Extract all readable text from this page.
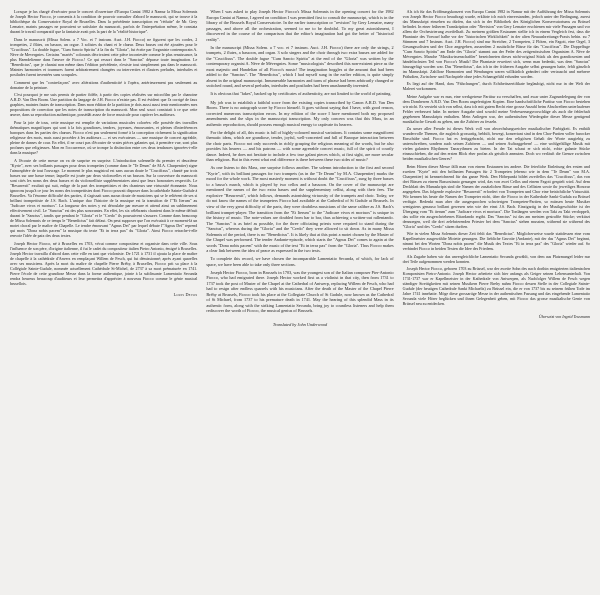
Lorsque je lus chargé d'exécuter pour le concert d'ouverture d'Europa Cantat 1982 à Namur la Missa Solemnis de Joseph Hector Fiocco, je consentis à la condition de pouvoir consulter d'abord le manuscrit, qui se trouve à la bibliothèque du Conservatoire Royal de Bruxelles. Dans la précédente transcription en "réduite" de Mr. Gery Lemaire, maints passages ne pouvaient se satisfaire du manuscrit, parfois de l'interprétation même, le constata durant le travail comparatif que la fantaisie avait pris la part de la "réalité historique".

Dans le manuscrit (Missa Solem. a 7 Voc. et 7 instrum. Auct. J.H. Fiocco) ne figurent que les cordes, 2 trompettes, 2 flûtes, on basson, un orgue. 3 solistes du chant et le chœur. Deux basses ont été ajoutées pour le "Crucifixus". La double fugue, "Cum Sancto Spiritu" à la fin du "Gloria", fut écrite par l'organiste contemporain A. Nève de Mevergnies. Certains "mariés" colorants décrivaient cette pièce incontestée comme le plus renaissance, la plus Haendelienne dans l'œuvre de Fiocco.! Ce qui ressort dans le "Sanctus" dépasse toute imagination. Le "Benedictus", que je chantai non même dans l'édition précédente, n'existe tout simplement pas dans le manuscrit. Maintes harmonies et tournures furent arbitrairement changées ou interverties et d'autres preludes, interludes et postludes furent inventées sans scrupules.

Comment que les "contrefaçons" avec altérations d'authenticité à l'opéra, antérieurement pas seulement au domaine de la peinture.

C'est pourquoi je me suis permis de partier fidèle, à partir des copies réalisées sur microfilm par le chanoine A.R.D. Van Den Boom. Une partition du langage de J.H. Fiocco n'existe pas. Il est évident que l'a corrigé de faux graphies, maintes fautes de transcription. Dans mon édition de la partition je dois aussi aussi tenir mentionnées mes propositions de correction que les notes de transcription du manuscrit. Mon seul souci consistait à ce que cette œuvre, dans sa reproduction authentique, possédât assez de force musicale pour captiver les auditeurs.

Pour la joie de tous, cette musique est remplie de variations musicales colorées: elle possède des travailles thématiques magnifiques qui sont à la fois grandioses, tendres, joyeuses, émouvantes, et pleines d'interférences baroques dans les parties des chœurs. Fiocco n'est pas seulement formé à la conception richement la signification religieuse des mots, mais aussi procéder à les auditeurs — et ses exécuteurs — une musique de concert agréable, pleine de danses de cour. En effet, il ne court pas d'écouter de vraies pièces galantes qui, à première vue, sont plus profanes que religieuses. Mon en l'occurrence, où se trompe la distinction entre ces deux tendances ignorées-t-elle dans la musique?

A l'écoute de cette messe on va de surprise en surprise. L'introduction solennelle du premier et deuxième "Kyrie", avec ses brillants passages pour deux trompettes (comme dans le "Te Deum" de M.A. Charpentier) signe l'atmosphère de tout l'ouvrage. Le moment le plus magistral est sans aucun doute le "Crucifixus", chanté par trois basses sur une basse tenue; laquelle est jouée par deux violoncelles et un basson. Sur la couverture du manuscrit sont cités les noms des deux basses et du violoncelliste supplémentaires ainsi que leurs honoraires respectifs. Le "Resurrexit" exultait qui suit, enlige de la part des trompettistes et des chanteurs une virtuosité étonnante. Nous ignorons jusqu'à ce jour les noms des trompettistes dont Fiocco pouvait disposer dans la cathédrale Sainte-Gudule à Bruxelles. Va l'énorme difficulté des parties, il s'agissait sans aucun doute de musiciens qui se le relièrent de ses si brillant trompettiste de J.S. Bach. L'unique duo l'histoire de la musique est la transition de l'"Et Iterum" au "Judicare vivos et mortuos". La longueur des notes y est déroulabe par mesure et attend ainsi un sublimement effectivement civil. Le "Sanctus" est des plus sonorantes. En effet, les six célébrants chantent dans le même défruit durant le "Sanctus", tandis que pendant le "Gloria" et le "Credo" ils poursuivent s'assurer. Comme dans beaucoup de Missa Solemnis de ce temps le "Benedictus" fait défaut. On peut supposer que l'on exécutait à ce moment-là un motet choral par le maître de Chapelle. Le tendre émouvant "Agnus Dei" par lequel débute l'"Agnus Dei" reprend qui mots "Dona nobis pacem" la musique du texte "Et in terra pax" du "Gloria". Ainsi Fiocco retrache-t-elle renvoie l'idée de paix des deux textes.

Joseph Hector Fiocco, né à Bruxelles en 1703, vécut comme compositeur et organiste dans cette ville. Sous l'influence de son père, d'origine italienne, il fut le cadet du compositeur italien Pietro Antonio, émigré à Bruxelles. Joseph Hector travailla d'abord dans cette ville en tant que violoniste. De 1721 à 1731 il ajouta la place de maître de chapelle à la cathédrale d'Anvers en remplaçant Willem de Fesch, qui fut démissionné; après ayant quarelles avec ses musiciens. Après la mort du maître de chapelle Pierre Bréby, à Bruxelles, Fiocco prit sa place à la Collégiale Sainte-Gudule, nommée actuellement Cathédrale St-Michel, de 2737 à sa mort prématurée en 1741. Pierre l'école de cette grandiose Messe dans la forme authentique, jointe à la sublissante Lamentatio Secunda rendra heureux beaucoup d'auditeurs et leur permettra d'apprécier à nouveau Fiocco comme le génie musical brusellois.

Louis Devos

When I was asked to play Joseph Hector Fiocco's Missa Solemnis in the opening concert for the 1982 Europa Cantat at Namur, I agreed on condition I was permitted first to consult the manuscript, which is in the library of the Brussels Royal Conservatoire. In the earlier transcription or "revision" by Gery Lemaire, many passages, and above all the orchestration, seemed to me to be doubtful. To my great astonishment, I discovered in the course of the comparison that the editor's imagination had got the better of "historical reality".

In the manuscript (Missa Solem. a 7 voc. et 7 instrum. Auct. J.H. Fiocco) there are only the strings, 2 trumpets, 2 flutes, a bassoon, and organ. 3 solo singers and the choir through two extra basses are added for the "Crucifixus". The double fugue "Cum Sancto Spiritu" at the end of the "Gloria" was written by the contemporary organist A. Nève de Mévergnies. Some "musicologists" described this non-existent piece as the most majestic and Handelian of all Fiocco's music! The imagination boggles at the amount that had been added to the "Sanctus". The "Benedictus", which I had myself sung in the earlier edition, is quite simply absent in the original manuscript. Innumerable harmonies and turns of phrase had been arbitrarily changed or switched round, and several preludes, interludes and postludes had been unashamedly invented.

It is obvious that "fakes", backed up by certificates of authenticity, are not limited to the world of painting.

My job was to establish a faithful score from the existing copies transcribed by Canon A.R.D. Van Den Boom. There is no autograph score by Fiocco himself. It goes without saying that I have, with good reason, corrected numerous transcription errors. In my edition of the score I have mentioned both my proposed amendments and the slips in the manuscript transcription. My only concern was that this Mass, in an authentic reproduction, should possess enough musical energy to captivate its hearers.

For the delight of all, this music is full of highly-coloured musical variations. It contains some magnificent thematic ideas, which are grandiose, tender, joyful, well-concerted and full of Baroque interaction between the choir parts. Fiocco not only succeeds in richly grasping the religious meaning of the words, but he also provides his hearers — and his patrons — with some agreeable concert music, full of the spirit of courtly dance. Indeed, he does not hesitate to include a few true galant pieces which, at first sight, are more secular than religious. But in this event what real difference is there between these two sides of music?

As one listens to this Mass, one surprise follows another. The solemn introduction to the first and second "Kyrie", with its brilliant passages for two trumpets (as in the "Te Deum" by M.A. Charpentier) marks the mood for the whole work. The most masterly moment is without doubt the "Crucifixus", sung by three basses to a basso's march, which is played by two cellos and a bassoon. On the cover of the manuscript are mentioned the names of the two extra basses and the supplementary cellist, along with their fees. The explosive "Resurrexit", which follows, demands astonishing virtuosity of the trumpets and choir. Today, we do not know the names of the trumpeters Fiocco had available at the Cathedral of St Gudule at Brussels. In view of the very great difficulty of the parts, they were doubtless musicians of the same calibre as J.S. Bach's brilliant trumpet-player. The transition from the "Et Iterum" to the "Judicare vivos et mortuos" is unique in the history of music. The note-values are doubled from bar to bar, thus achieving a written-out rallentando. The "Sanctus" is as brief as possible, for the three officiating priests were required to stand during the "Sanctus", whereas during the "Gloria" and the "Credo" they were allowed to sit down. As in many Missa Solemnis of the period, there is no "Benedictus". It is likely that at this point a motet chosen by the Master of the Chapel was performed. The tender Andante-episode, which starts the "Agnus Dei" comes to again at the words "Dona nobis pacem" with the music of the text "Et in terra pax" from the "Gloria". Thus Fiocco makes a clear link between the idea of peace as expressed in the two texts.

To complete this record, we have chosen the incomparable Lamentatio Secunda, of which, for lack of space, we have been able to take only three sections.

Joseph Hector Fiocco, born in Brussels in 1703, was the youngest son of the Italian composer Pier-Antonio Fiocco, who had emigrated there. Joseph Hector worked first as a violinist in that city, then from 1731 to 1737 took the post of Master of the Chapel at the Cathedral of Antwerp, replacing Willem de Fesch, who had had to resign after endless quarrels with his musicians. After the death of the Master of the Chapel Pierre Bréhy at Brussels, Fiocco took his place at the Collegiate Church of St Gudule, now known as the Cathedral of St Michael, from 1737 to his premature death in 1741. May the hearing of this splendid Mass in its authentic form, along with the striking Lamentatio Secunda, bring joy to countless listeners and help them rediscover the worth of Fiocco, the musical genius of Brussels.

Translated by John Underwood

Als ich für das Eröffnungskonzert von Europa Cantat 1982 in Namur mit der Aufführung der Missa Solemnis von Joseph Hector Fiocco beauftragt wurde, erklärte ich mich einverstanden, jedoch unter der Bedingung, zuerst das Manuskript einsehen zu dürfen, das sich in der Bibliothek des Königlichen Konservatoriums zu Brüssel befindet. In einer früheren Transkription oder "Revision" von Gery Lemaire erschienen mir viele Passagen und vor allem die Orchestrierung zweifelhaft. Zu meinem größten Erstaunen stellte ich in einem Vergleich fest, dass die Phantasie des Vorwurf halbe vor der "historischen Wirklichkeit" in der alten Neuausbreitungs-Praxis behin. zu 7 Stimmen und 7 Instrum. Auct. J.H. Fiocco) sind nur Streicher, 2 Trompeten, 2 Flöten, ein Fagott, eine Orgel, 3 Gesangssolisten und der Chor angegeben, ausserdem 2 zusätzliche Bässe für das "Crucifixus". Die Doppelfuge "Cum Sancto Spiritu" am Ende des "Gloria" stammt aus der Feder des zeitgenössischen Organisten A. Nève de Mévergnies. Manche "Musikwissenschaftler" bezeichneten dieses nicht-original Stück als den grandiosesten und händelischsten Teil von Fiocco's Musik! Die Phantasie erweitert sich, wenn man bedenkt, was dem "Sanctus" hinzugefügt worden war. Das "Benedictus", das ich in der früheren Ausgabe selbst gesungen hatte, fehlt gänzlich im Manuskript. Zahllose Harmonien und Wendungen waren willkürlich geändert oder vertauscht und mehrere Präludien, Zwischen- und Nachspiele ohne jedes Schamgefühl erfunden worden.

Es liegt auf der Hand, dass "Fälschungen", durch Echtheitszertifikate beglaubigt, nicht nur in der Welt der Malerei vorkommen.

Meine Aufgabe war es nun, eine werkgetreue Partitur zu verschaffen, und zwar unter Zugrundelegung der von dem Domherren A.R.D. Van Den Boom angefertigten Kopien. Eine handschriftliche Partitur von Fiocco bestehen wir nicht. Es versteht sich von selbst, dass ich mit gutem Recht eine grosse Anzahl beim Abschreiben unterlaufener Fehler verbessert habe. In meiner Ausgabe sind sowohl meine Verbesserungsvorschläge als auch die fehlerhaft gegebenen Manuskripts enthalten. Mein Anliegen war, der authentischen Wiedergabe dieser Messe genügend musikalische Gewalt zu geben, um die Zuhörer zu fesseln.

Zu unser aller Freude ist dieses Werk voll von abwechslungsreicher musikalischer Farbigkeit. Es enthält wundervolle Themen, die zugleich grossartig, bebhilt, bewegt, konzertant sind in den Chor-Partien voller barocker Einschübe sind. Fiocco hat es fertiggebracht, nicht nur den religiösen Gehalt der Worte ausgiebig zu unterschreiben, sondern auch seinen Zuhörern — und seinen Auftraggebern! — eine wohlgefällige Musik mit vielen galanten Rhythmen Tanzrythmen zu bieten. In der Tat schaut er sich nicht, echte galante Stücke einzuschieben, die auf den ersten Blick eher profan als geistlich anmuten. Doch wo verläuft die Grenze zwischen beiden musikalischen Genres?

Beim Hören dieser Messe fällt man von einem Erstaunen ins andere. Die feierliche Einleitung des ersten und zweiten "Kyrie" mit den brillanten Passagen für 2 Trompeten (ebenso wie in dem "Te Deum" von M.A. Charpentier) ist kennzeichnend für das ganze Werk. Den Höhepunkt bildet zweifellos das "Crucifixus", das von drei Bässen zu einem Bassostinato gesungen wird, das von zwei Cellos und einem Fagott gespielt wird. Auf dem Deckblatt des Manuskripts sind die Namen der zusätzlichen Bässe und des Cellisten sowie ihr jeweiliges Honorar angegeben. Das folgende explosive "Resurrexit" erfordert von Trompeten und Chor eine beträchtliche Virtuosität. Wir kennen bis heute die Namen der Trompeter nicht, über die Fiocco in der Kathedrale Sankt-Gudula zu Brüssel verfügte. Bedenkt man aber die ausgesprochen schwierigen Trompeten-Partien, so müssen heute Musiker wenigstens genauso brillant gewesen sein wie der einst J.S. Bach. Einzigartig in der Musikgeschichte ist der Übergang vom "Et iterum" zum "Judicare vivos et mortuos". Die Tonlängen werden von Takt zu Takt verdoppelt, das sollte ein ausgeschriebenes Ritardando ergibt. Das "Sanctus" ist das am meisten gestraffte Stücke; verkürzt dennoegen, weil die drei zelebrierenden Priester bei dem "Sanctus" stehen mussten, während sie während des "Gloria" und des "Credo" sitzen durften.

Wie in vielen Missa Solemnis dieser Zeit fehlt das "Benedictus". Möglicherweise wurde stattdessen eine vom Kapellmeister ausgewählte Motette gesungen. Die liebliche Gavotte (Andante), mit der das "Agnus Dei" beginnt, nimmt bei den Worten "Dona nobis pacem" die Musik des Textes "Et in terra pax" des "Gloria" wieder auf. So verbindet Fiocco in beiden Texten die Idee des Friedens.

Als Zugabe haben wir das unvergleichliche Lamentatio Secunda gewählt, von dem aus Platzmangel leider nur drei Teile aufgenommen werden konnten.

Joseph Hector Fiocco, geboren 1703 zu Brüssel, war der zweite Sohn des nach dorthin emigrierten italienischen Komponisten Pietro-Antonio. Joseph Hector arbeitete sich hier anfangs als Geiger seinen Lebensunterhalt. Von 1731-1737 war er Kapellmeister in der Kathedrale von Antwerpen, als Nachfolger Willem de Fesch wegen ständiger Streitigkeiten mit seinen Musikern Pierre Brehy nahm Fiocco dessen Stelle in der Collegiale Sainte-Gudule (der heutigen Cathedrale Sankt Michaelis) zu Brüssel ein, die er von 1737 bis zu seinem frühen Tode im Jahre 1741 innehatte. Möge diese grossartige Messe in der authentischen Fassung und das eingehende Lamentatio Secunda viele Hörer beglücken und ihnen Gelegenheit geben, mit Fiocco das grosse musikalische Genie von Brüssel neu zu entdecken.

Übersetzt von Ingrid Teusmann
